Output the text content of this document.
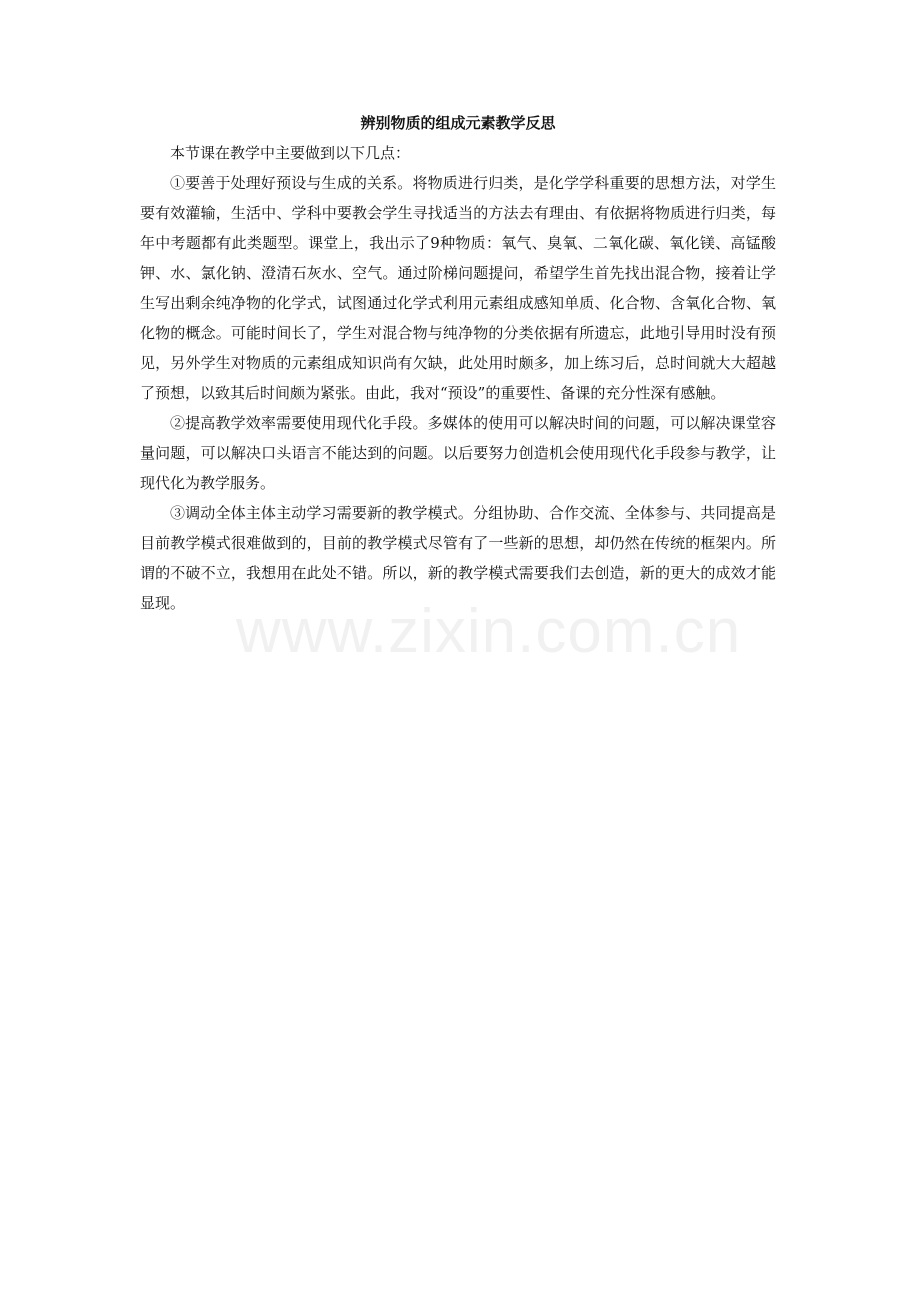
辨别物质的组成元素教学反思

本节课在教学中主要做到以下几点：

①要善于处理好预设与生成的关系。将物质进行归类，是化学学科重要的思想方法，对学生要有效灌输，生活中、学科中要教会学生寻找适当的方法去有理由、有依据将物质进行归类，每年中考题都有此类题型。课堂上，我出示了9种物质：氧气、臭氧、二氧化碳、氧化镁、高锰酸钾、水、氯化钠、澄清石灰水、空气。通过阶梯问题提问，希望学生首先找出混合物，接着让学生写出剩余纯净物的化学式，试图通过化学式利用元素组成感知单质、化合物、含氧化合物、氧化物的概念。可能时间长了，学生对混合物与纯净物的分类依据有所遗忘，此地引导用时没有预见，另外学生对物质的元素组成知识尚有欠缺，此处用时颇多，加上练习后，总时间就大大超越了预想，以致其后时间颇为紧张。由此，我对“预设”的重要性、备课的充分性深有感触。

②提高教学效率需要使用现代化手段。多媒体的使用可以解决时间的问题，可以解决课堂容量问题，可以解决口头语言不能达到的问题。以后要努力创造机会使用现代化手段参与教学，让现代化为教学服务。

③调动全体主体主动学习需要新的教学模式。分组协助、合作交流、全体参与、共同提高是目前教学模式很难做到的，目前的教学模式尽管有了一些新的思想，却仍然在传统的框架内。所谓的不破不立，我想用在此处不错。所以，新的教学模式需要我们去创造，新的更大的成效才能显现。 www.zixin.com.cn
